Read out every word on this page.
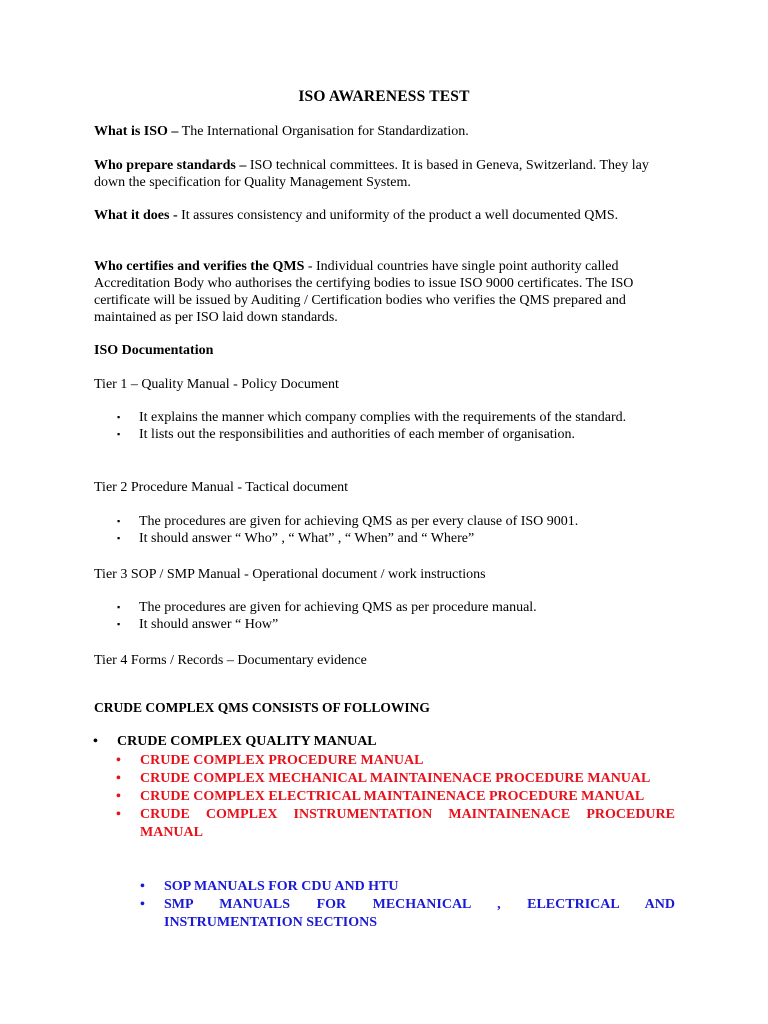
ISO AWARENESS TEST
What is ISO – The International Organisation for Standardization.
Who prepare standards – ISO technical committees. It is based in Geneva, Switzerland. They lay down the specification for Quality Management System.
What it does - It assures consistency and uniformity of the product a well documented QMS.
Who certifies and verifies the QMS - Individual countries have single point authority called Accreditation Body who authorises the certifying bodies to issue ISO 9000 certificates. The ISO certificate will be issued by Auditing / Certification bodies who verifies the QMS prepared and maintained as per ISO laid down standards.
ISO Documentation
Tier 1 – Quality Manual - Policy Document
▪ It explains the manner which company complies with the requirements of the standard.
▪ It lists out the responsibilities and authorities of each member of organisation.
Tier 2 Procedure Manual - Tactical document
▪ The procedures are given for achieving QMS as per every clause of ISO 9001.
▪ It should answer “ Who” , “ What” , “ When” and “ Where”
Tier 3 SOP / SMP Manual - Operational document / work instructions
▪ The procedures are given for achieving QMS as per procedure manual.
▪ It should answer “ How”
Tier 4 Forms / Records – Documentary evidence
CRUDE COMPLEX QMS CONSISTS OF FOLLOWING
• CRUDE COMPLEX QUALITY MANUAL
• CRUDE COMPLEX PROCEDURE MANUAL
• CRUDE COMPLEX MECHANICAL MAINTAINENACE PROCEDURE MANUAL
• CRUDE COMPLEX ELECTRICAL MAINTAINENACE PROCEDURE MANUAL
• CRUDE COMPLEX INSTRUMENTATION MAINTAINENACE PROCEDURE MANUAL
• SOP MANUALS FOR CDU AND HTU
• SMP MANUALS FOR MECHANICAL , ELECTRICAL AND INSTRUMENTATION SECTIONS
